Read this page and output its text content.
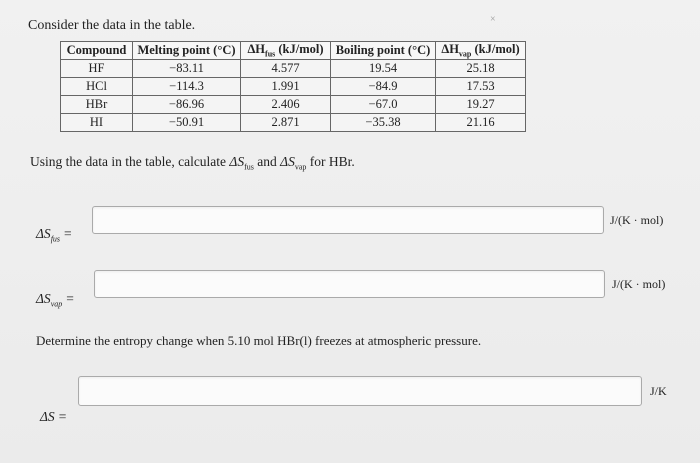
×
Consider the data in the table.
Compound	Melting point (°C)	$\Delta H_{fus}$ (kJ/mol)	Boiling point (°C)	$\Delta H_{vap}$ (kJ/mol)
HF	−83.11	4.577	19.54	25.18
HCl	−114.3	1.991	−84.9	17.53
HBr	−86.96	2.406	−67.0	19.27
HI	−50.91	2.871	−35.38	21.16
Using the data in the table, calculate $\Delta S_{fus}$ and $\Delta S_{vap}$ for HBr.
$\Delta S_{fus}$ =
J/(K · mol)
$\Delta S_{vap}$ =
J/(K · mol)
Determine the entropy change when 5.10 mol HBr(l) freezes at atmospheric pressure.
ΔS =
J/K
